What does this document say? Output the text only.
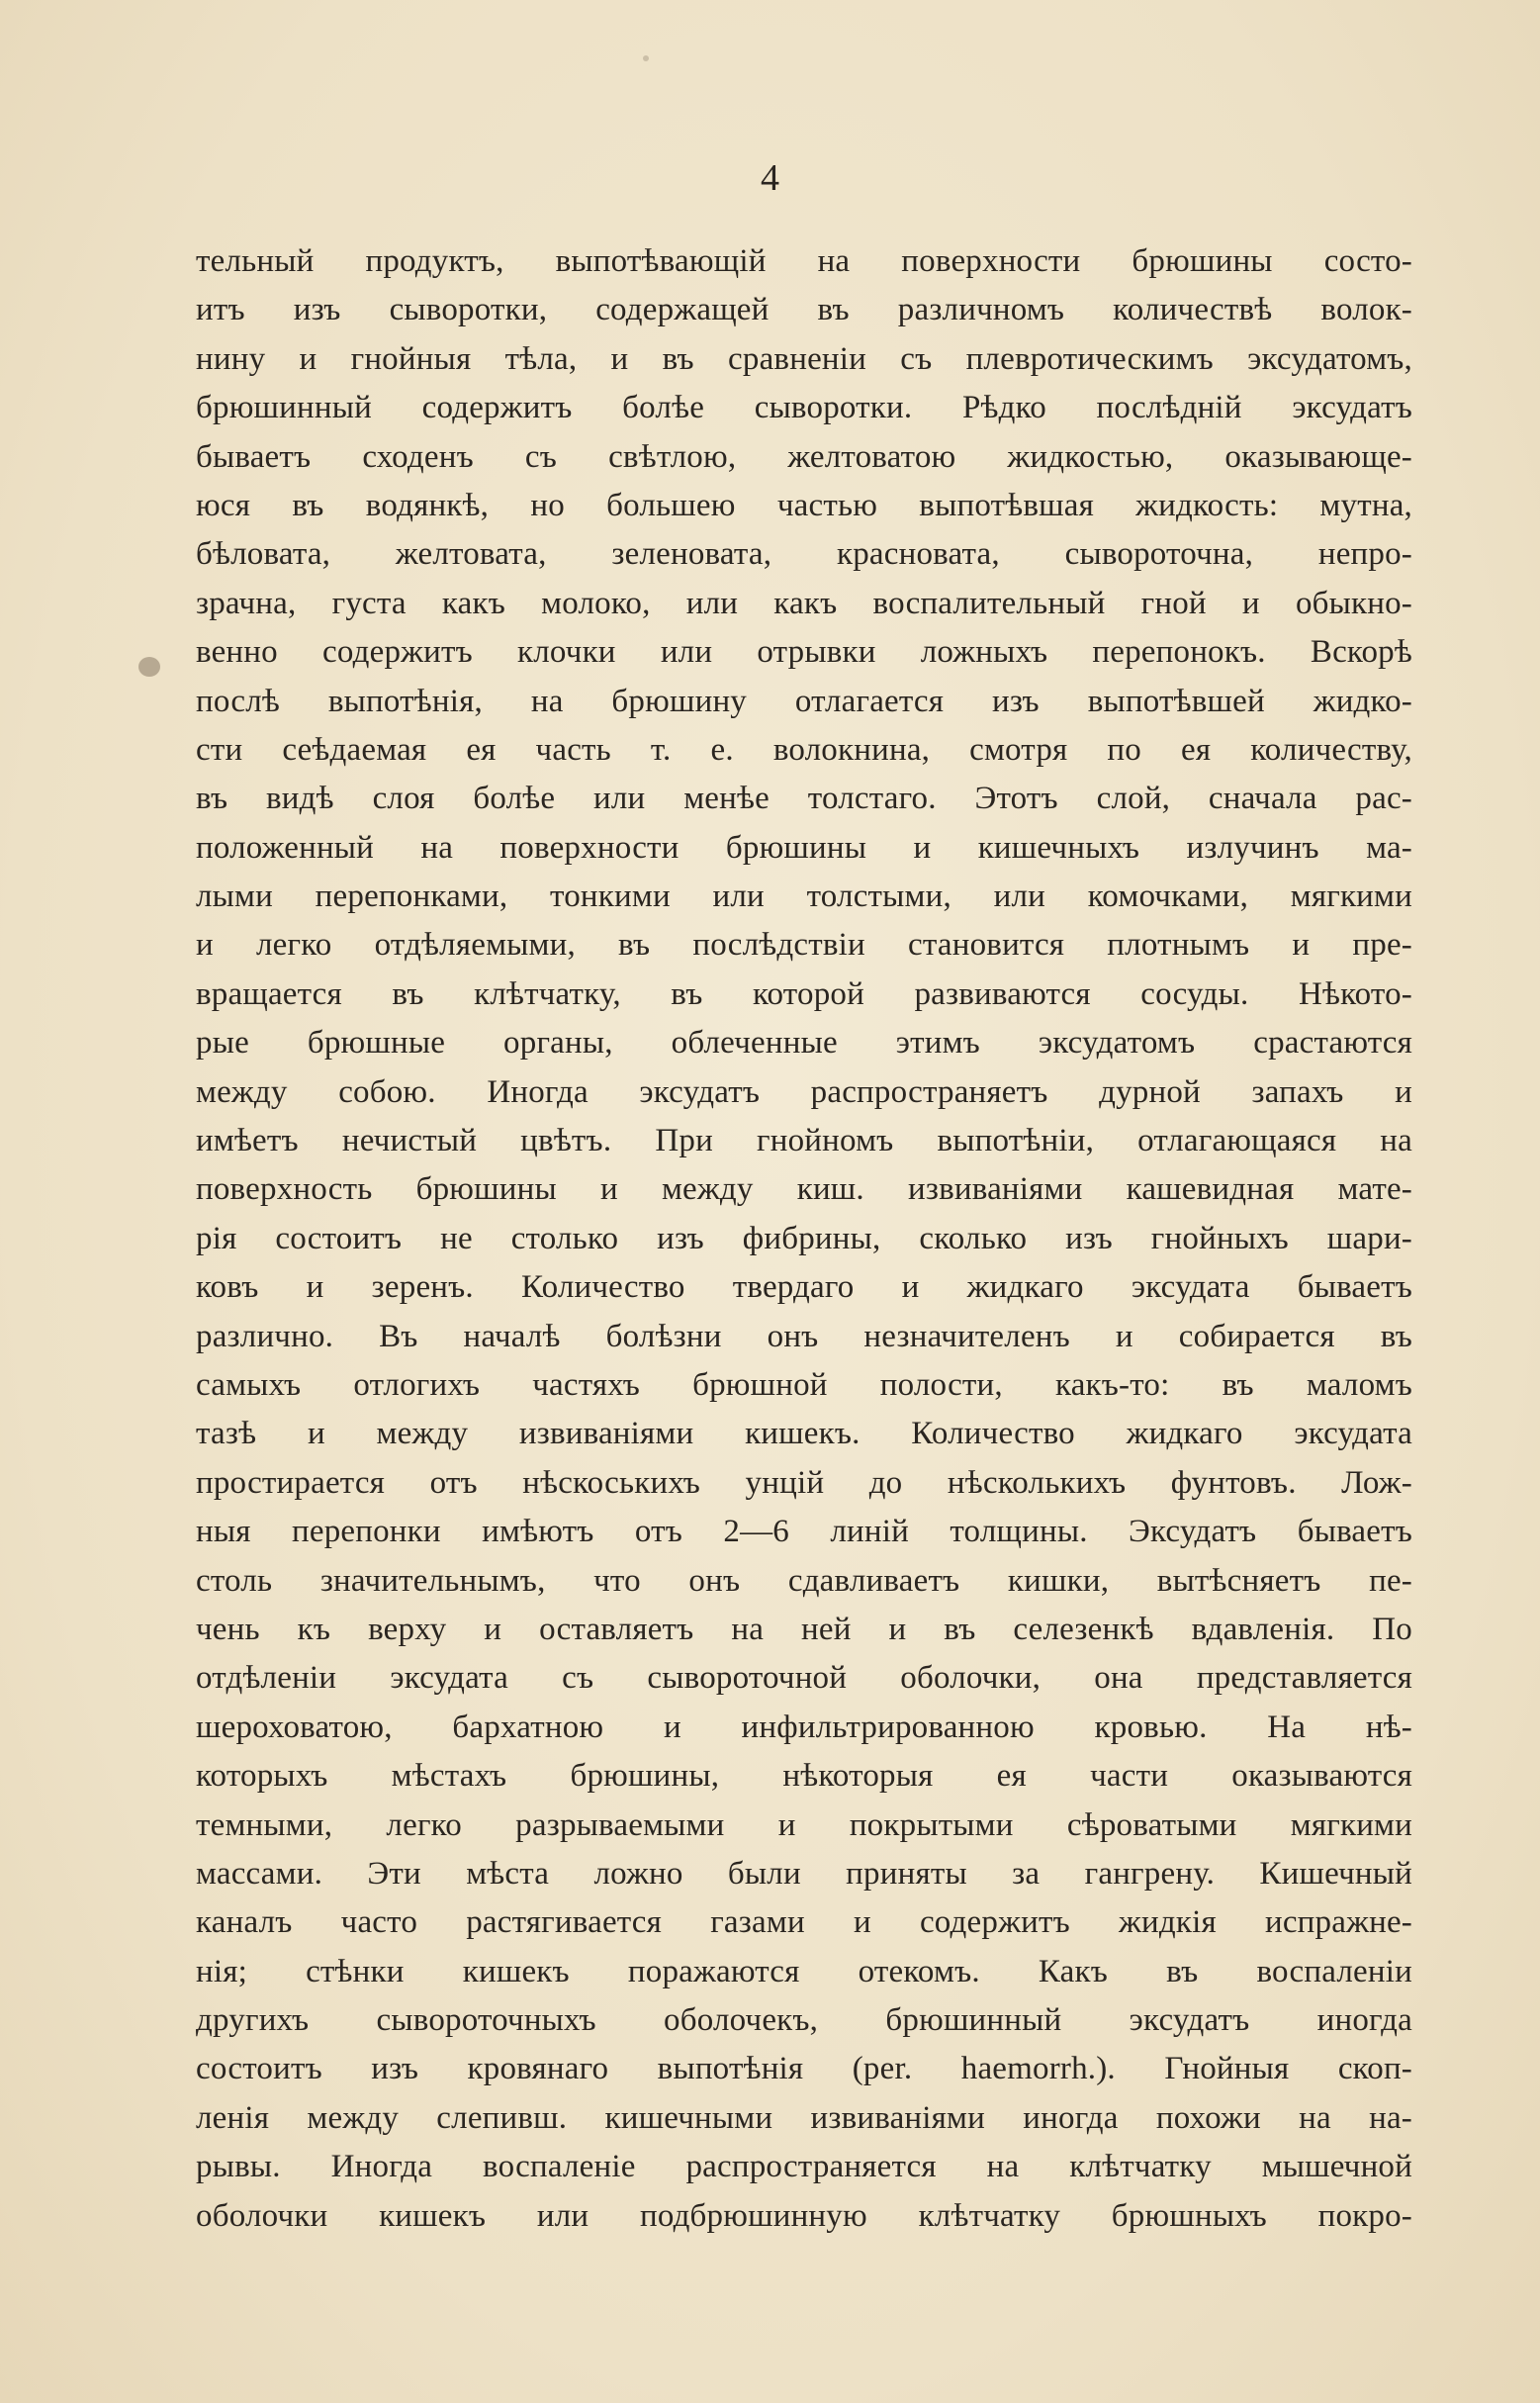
4
тельный продуктъ, выпотѣвающій на поверхности брюшины состо-
итъ изъ сыворотки, содержащей въ различномъ количествѣ волок-
нину и гнойныя тѣла, и въ сравненіи съ плевротическимъ эксудатомъ,
брюшинный содержитъ болѣе сыворотки. Рѣдко послѣдній эксудатъ
бываетъ сходенъ съ свѣтлою, желтоватою жидкостью, оказывающе-
юся въ водянкѣ, но большею частью выпотѣвшая жидкость: мутна,
бѣловата, желтовата, зеленовата, красновата, сывороточна, непро-
зрачна, густа какъ молоко, или какъ воспалительный гной и обыкно-
венно содержитъ клочки или отрывки ложныхъ перепонокъ. Вскорѣ
послѣ выпотѣнія, на брюшину отлагается изъ выпотѣвшей жидко-
сти сеѣдаемая ея часть т. е. волокнина, смотря по ея количеству,
въ видѣ слоя болѣе или менѣе толстаго. Этотъ слой, сначала рас-
положенный на поверхности брюшины и кишечныхъ излучинъ ма-
лыми перепонками, тонкими или толстыми, или комочками, мягкими
и легко отдѣляемыми, въ послѣдствіи становится плотнымъ и пре-
вращается въ клѣтчатку, въ которой развиваются сосуды. Нѣкото-
рые брюшные органы, облеченные этимъ эксудатомъ срастаются
между собою. Иногда эксудатъ распространяетъ дурной запахъ и
имѣетъ нечистый цвѣтъ. При гнойномъ выпотѣніи, отлагающаяся на
поверхность брюшины и между киш. извиваніями кашевидная мате-
рія состоитъ не столько изъ фибрины, сколько изъ гнойныхъ шари-
ковъ и зеренъ. Количество твердаго и жидкаго эксудата бываетъ
различно. Въ началѣ болѣзни онъ незначителенъ и собирается въ
самыхъ отлогихъ частяхъ брюшной полости, какъ-то: въ маломъ
тазѣ и между извиваніями кишекъ. Количество жидкаго эксудата
простирается отъ нѣскоськихъ унцій до нѣсколькихъ фунтовъ. Лож-
ныя перепонки имѣютъ отъ 2—6 линій толщины. Эксудатъ бываетъ
столь значительнымъ, что онъ сдавливаетъ кишки, вытѣсняетъ пе-
чень къ верху и оставляетъ на ней и въ селезенкѣ вдавленія. По
отдѣленіи эксудата съ сывороточной оболочки, она представляется
шероховатою, бархатною и инфильтрированною кровью. На нѣ-
которыхъ мѣстахъ брюшины, нѣкоторыя ея части оказываются
темными, легко разрываемыми и покрытыми сѣроватыми мягкими
массами. Эти мѣста ложно были приняты за гангрену. Кишечный
каналъ часто растягивается газами и содержитъ жидкія испражне-
нія; стѣнки кишекъ поражаются отекомъ. Какъ въ воспаленіи
другихъ сывороточныхъ оболочекъ, брюшинный эксудатъ иногда
состоитъ изъ кровянаго выпотѣнія (per. haemorrh.). Гнойныя скоп-
ленія между слепивш. кишечными извиваніями иногда похожи на на-
рывы. Иногда воспаленіе распространяется на клѣтчатку мышечной
оболочки кишекъ или подбрюшинную клѣтчатку брюшныхъ покро-
